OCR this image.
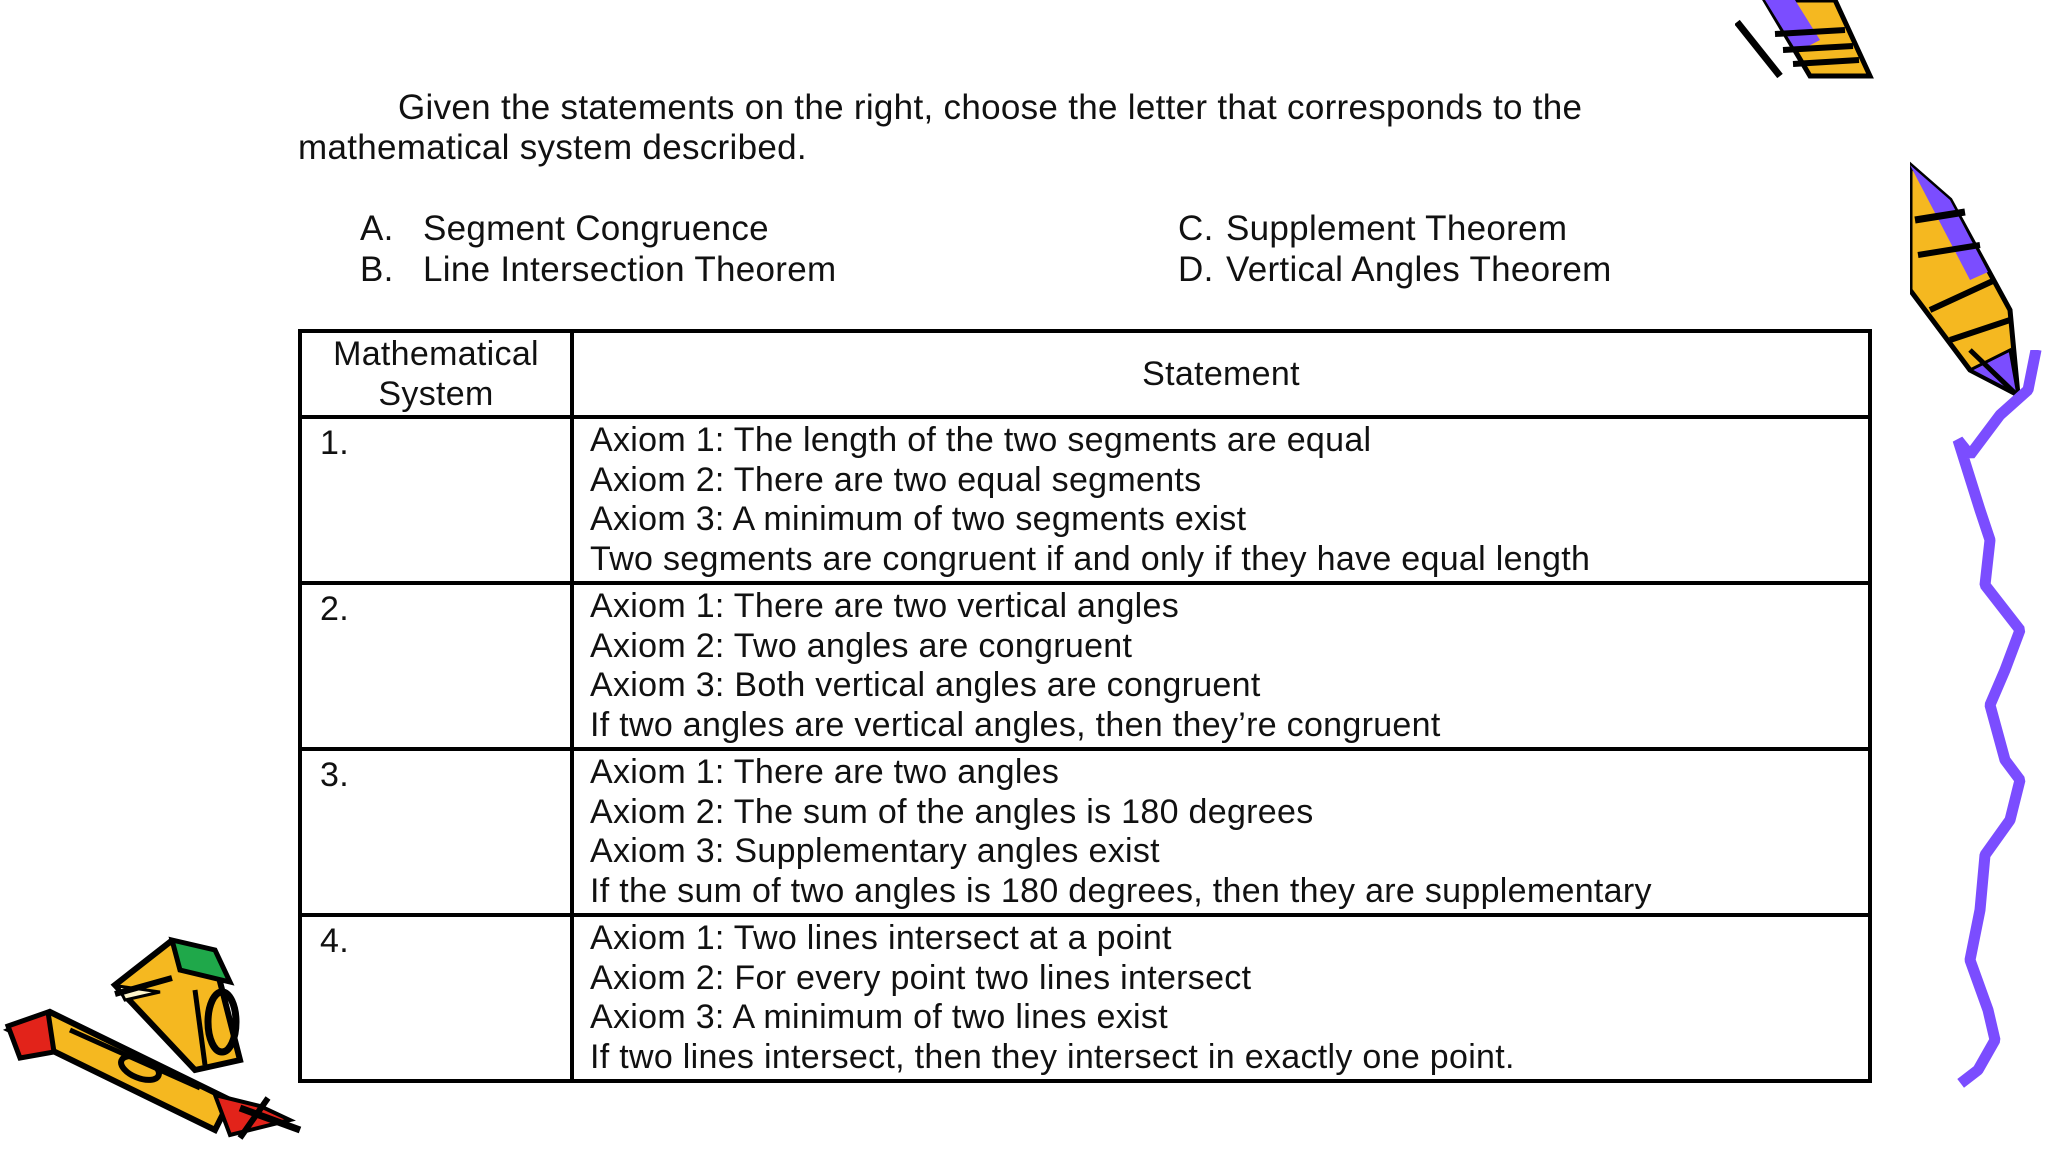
Given the statements on the right, choose the letter that corresponds to the mathematical system described.
A. Segment Congruence
B. Line Intersection Theorem
C. Supplement Theorem
D. Vertical Angles Theorem
Mathematical
System	Statement
1.	Axiom 1: The length of the two segments are equal
Axiom 2: There are two equal segments
Axiom 3: A minimum of two segments exist
Two segments are congruent if and only if they have equal length

2.	Axiom 1: There are two vertical angles
Axiom 2: Two angles are congruent
Axiom 3: Both vertical angles are congruent
If two angles are vertical angles, then they’re congruent

3.	Axiom 1: There are two angles
Axiom 2: The sum of the angles is 180 degrees
Axiom 3: Supplementary angles exist
If the sum of two angles is 180 degrees, then they are supplementary

4.	Axiom 1: Two lines intersect at a point
Axiom 2: For every point two lines intersect
Axiom 3: A minimum of two lines exist
If two lines intersect, then they intersect in exactly one point.
